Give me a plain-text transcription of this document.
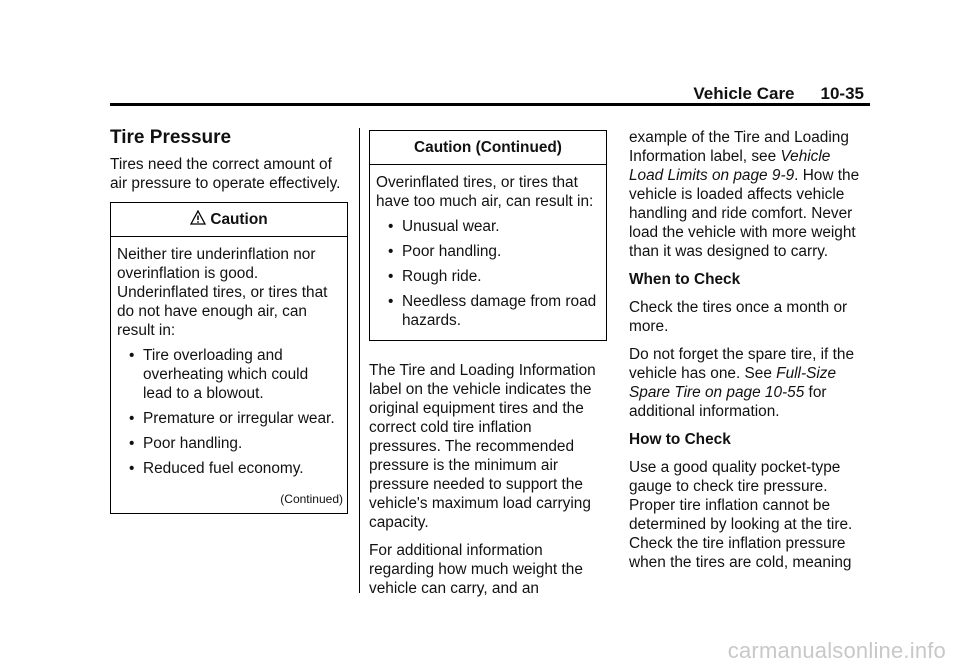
Vehicle Care 10-35
Tire Pressure

Tires need the correct amount of air pressure to operate effectively.

Caution
Neither tire underinflation nor overinflation is good. Underinflated tires, or tires that do not have enough air, can result in:
• Tire overloading and overheating which could lead to a blowout.
• Premature or irregular wear.
• Poor handling.
• Reduced fuel economy.
(Continued)
Caution (Continued)
Overinflated tires, or tires that have too much air, can result in:
• Unusual wear.
• Poor handling.
• Rough ride.
• Needless damage from road hazards.

The Tire and Loading Information label on the vehicle indicates the original equipment tires and the correct cold tire inflation pressures. The recommended pressure is the minimum air pressure needed to support the vehicle's maximum load carrying capacity.

For additional information regarding how much weight the vehicle can carry, and an

example of the Tire and Loading Information label, see Vehicle Load Limits on page 9-9. How the vehicle is loaded affects vehicle handling and ride comfort. Never load the vehicle with more weight than it was designed to carry.

When to Check

Check the tires once a month or more.

Do not forget the spare tire, if the vehicle has one. See Full-Size Spare Tire on page 10-55 for additional information.

How to Check

Use a good quality pocket-type gauge to check tire pressure. Proper tire inflation cannot be determined by looking at the tire. Check the tire inflation pressure when the tires are cold, meaning

carmanualsonline.info
